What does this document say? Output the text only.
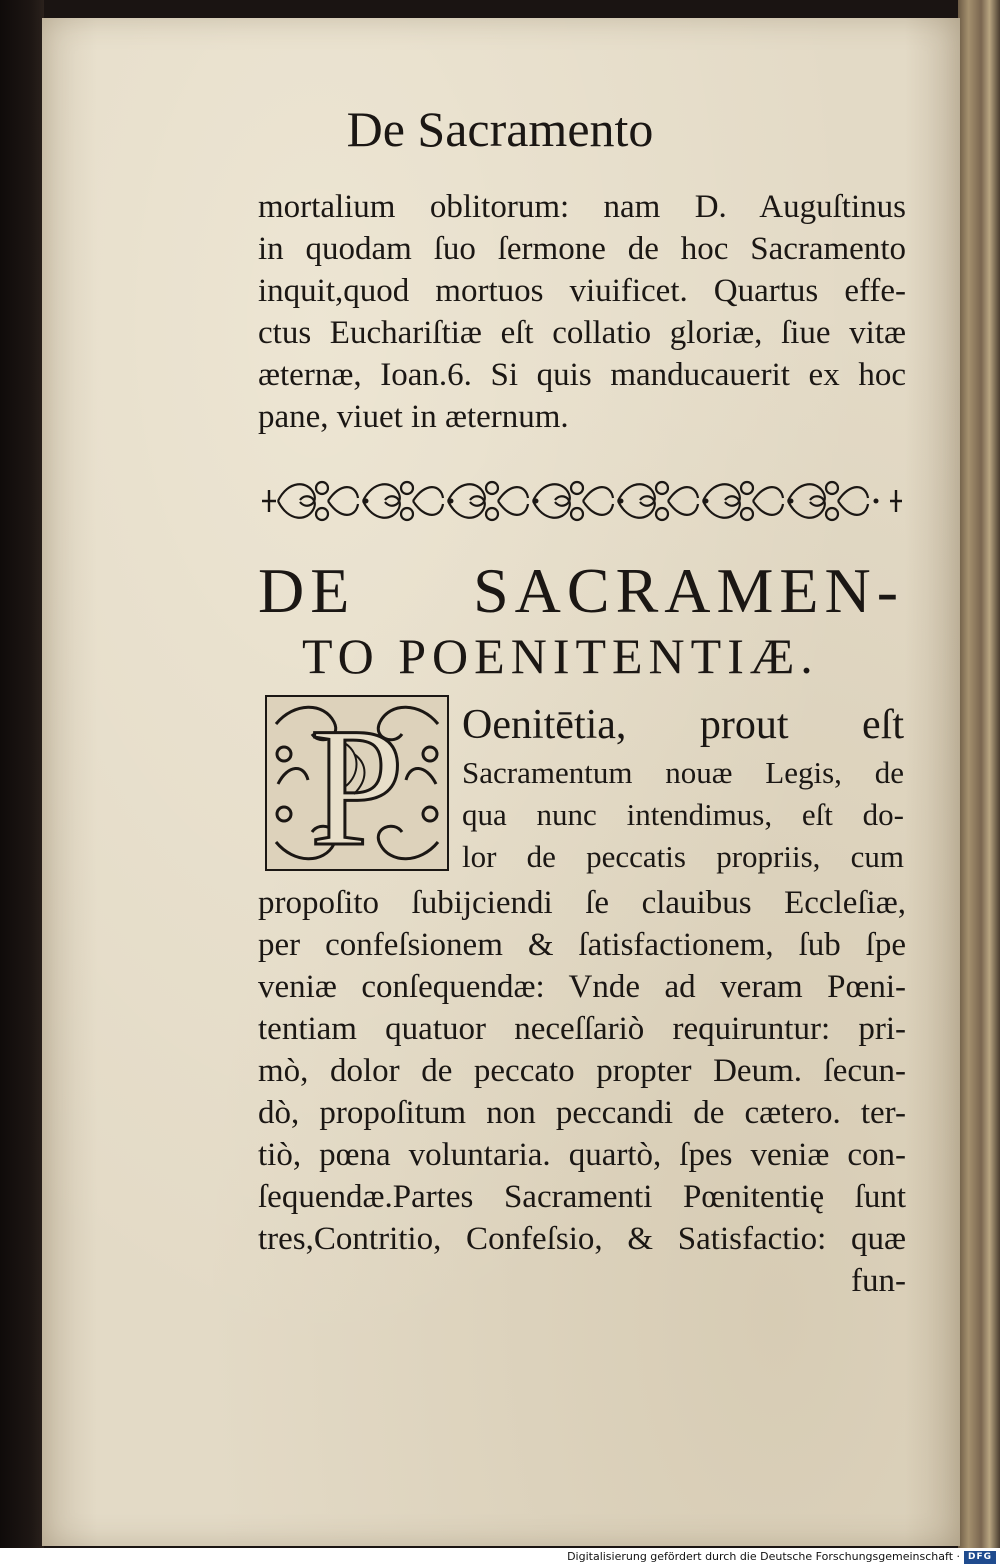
De Sacramento
mortalium oblitorum: nam D. Auguſtinus
in quodam ſuo ſermone de hoc Sacramento
inquit,quod mortuos viuificet. Quartus effe-
ctus Euchariſtiæ eſt collatio gloriæ, ſiue vitæ
æternæ, Ioan.6. Si quis manducauerit ex hoc
pane, viuet in æternum.
DE SACRAMEN-
TO POENITENTIÆ.
P Oenitētia, prout eſt
Sacramentum nouæ Legis, de
qua nunc intendimus, eſt do-
lor de peccatis propriis, cum
propoſito ſubijciendi ſe clauibus Eccleſiæ,
per confeſsionem & ſatisfactionem, ſub ſpe
veniæ conſequendæ: Vnde ad veram Pœni-
tentiam quatuor neceſſariò requiruntur: pri-
mò, dolor de peccato propter Deum. ſecun-
dò, propoſitum non peccandi de cætero. ter-
tiò, pœna voluntaria. quartò, ſpes veniæ con-
ſequendæ.Partes Sacramenti Pœnitentię ſunt
tres,Contritio, Confeſsio, & Satisfactio: quæ
fun-
Digitalisierung gefördert durch die Deutsche Forschungsgemeinschaft · DFG
